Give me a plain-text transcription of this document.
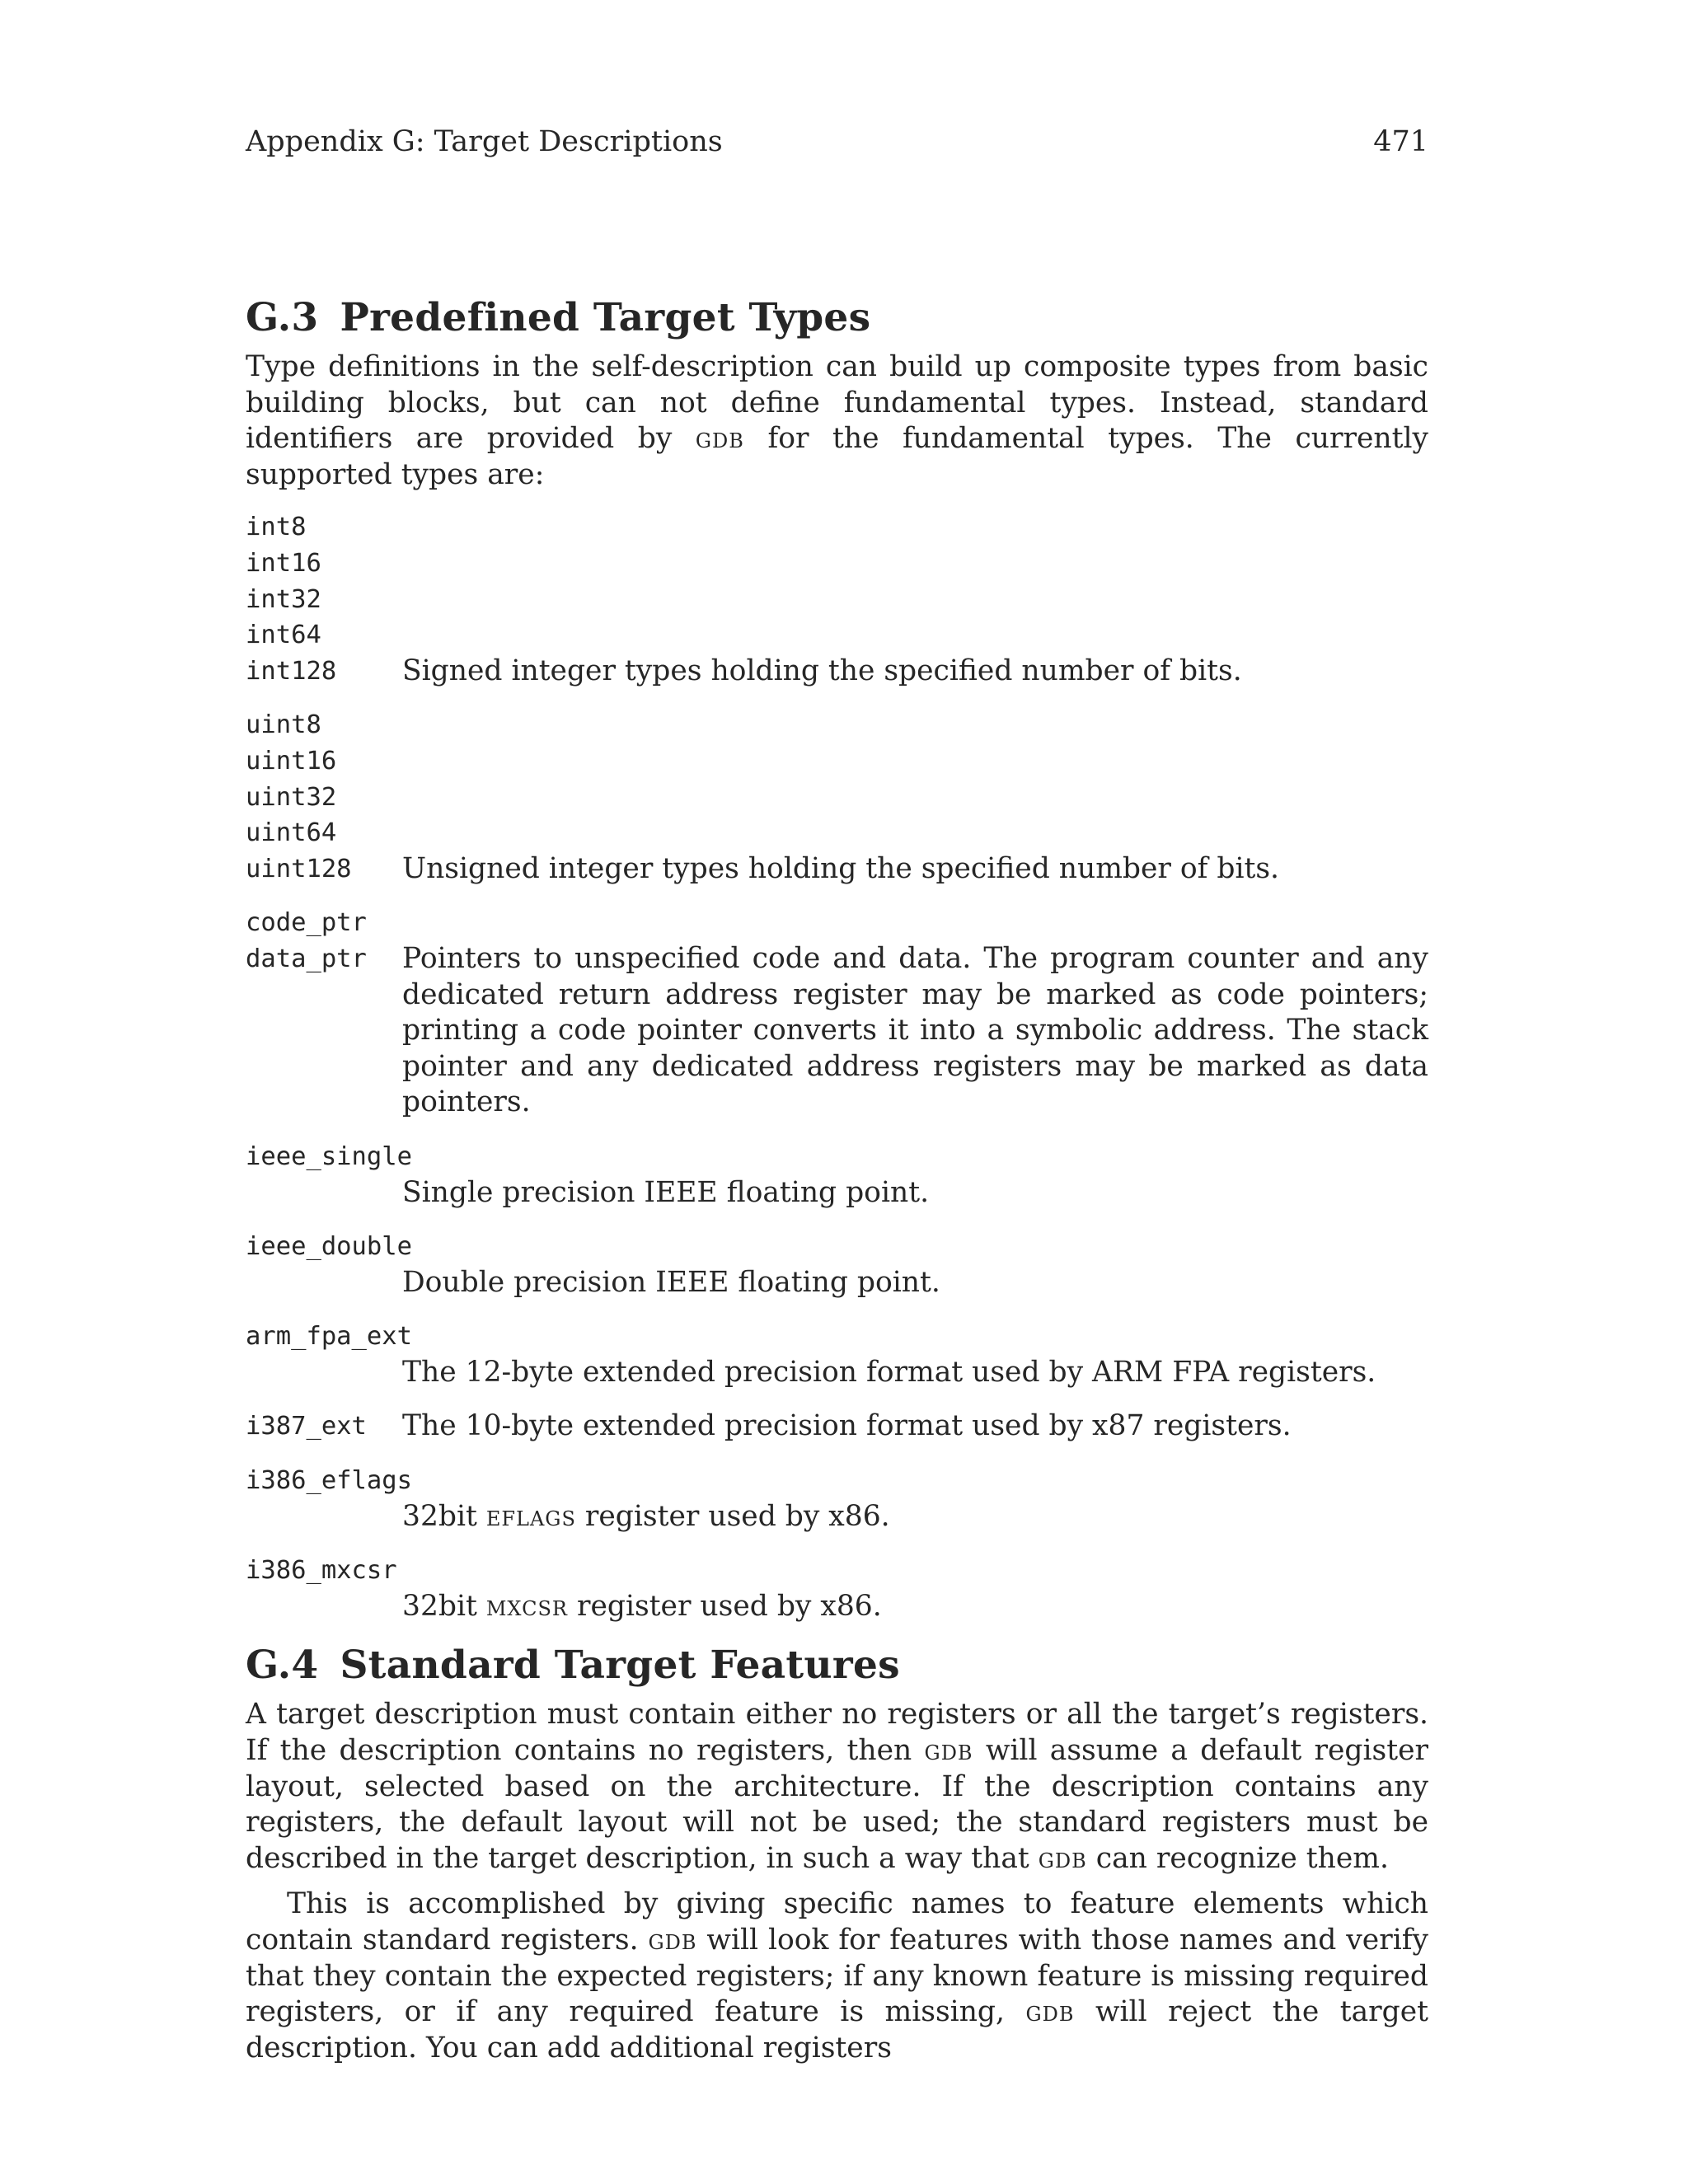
Appendix G: Target Descriptions	471
G.3 Predefined Target Types

Type definitions in the self-description can build up composite types from basic building blocks, but can not define fundamental types. Instead, standard identifiers are provided by gdb for the fundamental types. The currently supported types are:

int8
int16
int32
int64
int128	Signed integer types holding the specified number of bits.
uint8
uint16
uint32
uint64
uint128	Unsigned integer types holding the specified number of bits.
code_ptr
data_ptr	Pointers to unspecified code and data. The program counter and any dedicated return address register may be marked as code pointers; printing a code pointer converts it into a symbolic address. The stack pointer and any dedicated address registers may be marked as data pointers.
ieee_single
Single precision IEEE floating point.
ieee_double
Double precision IEEE floating point.
arm_fpa_ext
The 12-byte extended precision format used by ARM FPA registers.
i387_ext	The 10-byte extended precision format used by x87 registers.
i386_eflags
32bit eflags register used by x86.
i386_mxcsr
32bit mxcsr register used by x86.
G.4 Standard Target Features

A target description must contain either no registers or all the target’s registers. If the description contains no registers, then gdb will assume a default register layout, selected based on the architecture. If the description contains any registers, the default layout will not be used; the standard registers must be described in the target description, in such a way that gdb can recognize them.

This is accomplished by giving specific names to feature elements which contain standard registers. gdb will look for features with those names and verify that they contain the expected registers; if any known feature is missing required registers, or if any required feature is missing, gdb will reject the target description. You can add additional registers
